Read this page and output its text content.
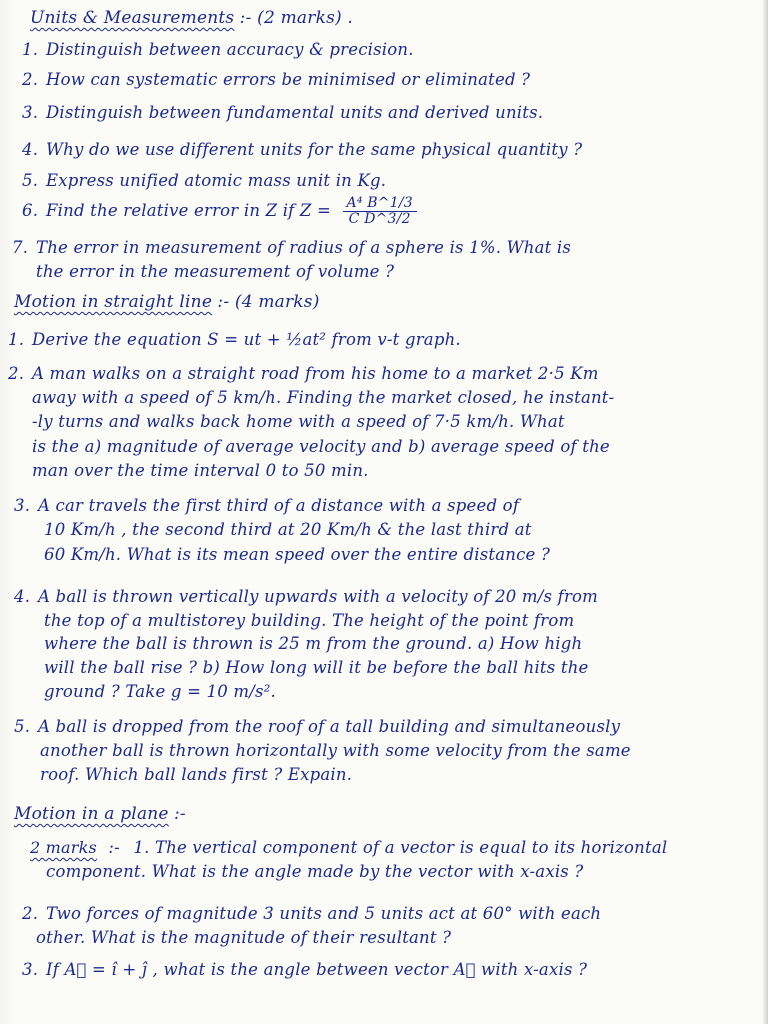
Units & Measurements :- (2 marks) .
1. Distinguish between accuracy & precision.
2. How can systematic errors be minimised or eliminated ?
3. Distinguish between fundamental units and derived units.
4. Why do we use different units for the same physical quantity ?
5. Express unified atomic mass unit in Kg.
6. Find the relative error in Z if $Z = \frac{\text{A⁴ B\textasciicircum{}1/3}}{\text{C D\textasciicircum{}3/2}}$
7. The error in measurement of radius of a sphere is 1%. What is
the error in the measurement of volume ?
Motion in straight line :- (4 marks)
1. Derive the equation S = ut + ½at² from v-t graph.
2. A man walks on a straight road from his home to a market 2·5 Km
away with a speed of 5 km/h. Finding the market closed, he instant-
-ly turns and walks back home with a speed of 7·5 km/h. What
is the a) magnitude of average velocity and b) average speed of the
man over the time interval 0 to 50 min.
3. A car travels the first third of a distance with a speed of
10 Km/h , the second third at 20 Km/h & the last third at
60 Km/h. What is its mean speed over the entire distance ?
4. A ball is thrown vertically upwards with a velocity of 20 m/s from
the top of a multistorey building. The height of the point from
where the ball is thrown is 25 m from the ground. a) How high
will the ball rise ? b) How long will it be before the ball hits the
ground ? Take g = 10 m/s².
5. A ball is dropped from the roof of a tall building and simultaneously
another ball is thrown horizontally with some velocity from the same
roof. Which ball lands first ? Expain.
Motion in a plane :-
2 marks :- 1. The vertical component of a vector is equal to its horizontal
component. What is the angle made by the vector with x-axis ?
2. Two forces of magnitude 3 units and 5 units act at 60° with each
other. What is the magnitude of their resultant ?
3. If A⃗ = î + ĵ , what is the angle between vector A⃗ with x-axis ?
